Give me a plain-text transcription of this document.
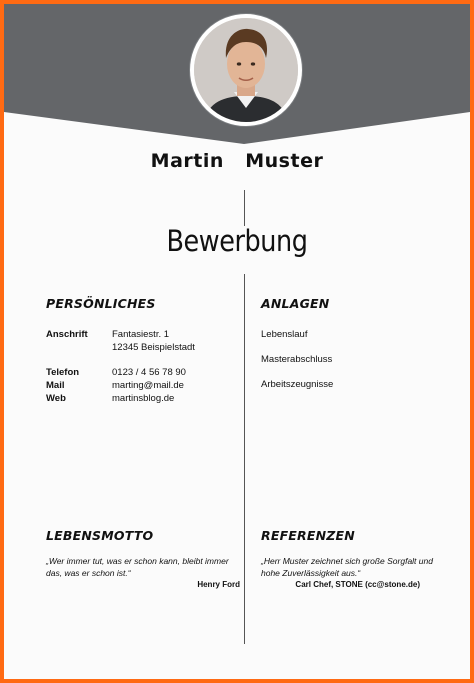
Martin Muster
Bewerbung
PERSÖNLICHES
Anschrift	Fantasiestr. 1
12345 Beispielstadt
Telefon	0123 / 4 56 78 90
Mail	marting@mail.de
Web	martinsblog.de
ANLAGEN
Lebenslauf
Masterabschluss
Arbeitszeugnisse
LEBENSMOTTO
„Wer immer tut, was er schon kann, bleibt immer
das, was er schon ist.“
Henry Ford
REFERENZEN
„Herr Muster zeichnet sich große Sorgfalt und
hohe Zuverlässigkeit aus.“
Carl Chef, STONE (cc@stone.de)
